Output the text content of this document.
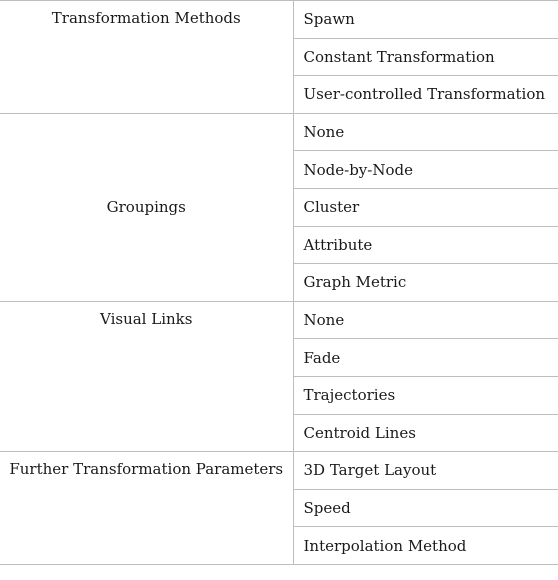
Transformation Methods	Spawn
	Constant Transformation
	User-controlled Transformation
Groupings	None
	Node-by-Node
	Cluster
	Attribute
	Graph Metric
Visual Links	None
	Fade
	Trajectories
	Centroid Lines
Further Transformation Parameters	3D Target Layout
	Speed
	Interpolation Method
